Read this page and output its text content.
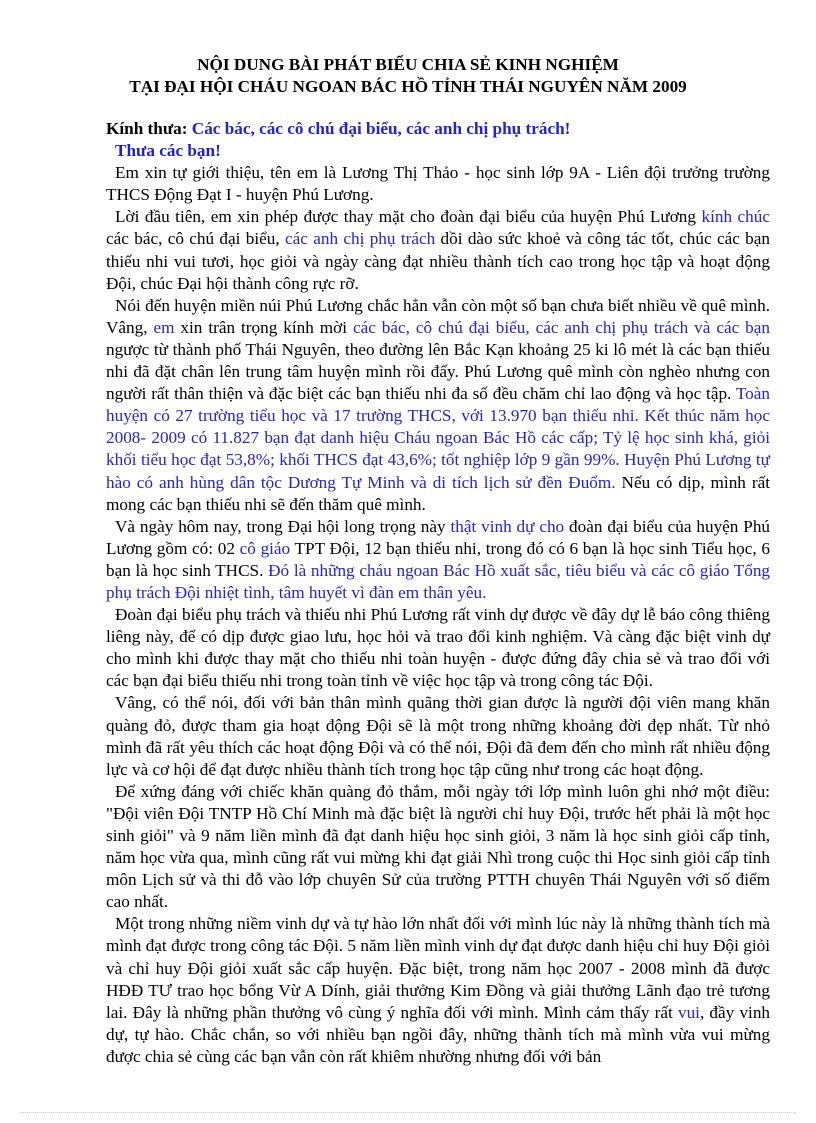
NỘI DUNG BÀI PHÁT BIỂU CHIA SẺ KINH NGHIỆM
TẠI ĐẠI HỘI CHÁU NGOAN BÁC HỒ TỈNH THÁI NGUYÊN NĂM 2009

Kính thưa: Các bác, các cô chú đại biểu, các anh chị phụ trách!

Thưa các bạn!

Em xin tự giới thiệu, tên em là Lương Thị Thảo - học sinh lớp 9A - Liên đội trưởng trường THCS Động Đạt I - huyện Phú Lương.

Lời đầu tiên, em xin phép được thay mặt cho đoàn đại biểu của huyện Phú Lương kính chúc các bác, cô chú đại biểu, các anh chị phụ trách dồi dào sức khoẻ và công tác tốt, chúc các bạn thiếu nhi vui tươi, học giỏi và ngày càng đạt nhiều thành tích cao trong học tập và hoạt động Đội, chúc Đại hội thành công rực rỡ.

Nói đến huyện miền núi Phú Lương chắc hẳn vẫn còn một số bạn chưa biết nhiều về quê mình. Vâng, em xin trân trọng kính mời các bác, cô chú đại biểu, các anh chị phụ trách và các bạn ngược từ thành phố Thái Nguyên, theo đường lên Bắc Kạn khoảng 25 ki lô mét là các bạn thiếu nhi đã đặt chân lên trung tâm huyện mình rồi đấy. Phú Lương quê mình còn nghèo nhưng con người rất thân thiện và đặc biệt các bạn thiếu nhi đa số đều chăm chỉ lao động và học tập. Toàn huyện có 27 trường tiểu học và 17 trường THCS, với 13.970 bạn thiếu nhi. Kết thúc năm học 2008- 2009 có 11.827 bạn đạt danh hiệu Cháu ngoan Bác Hồ các cấp; Tỷ lệ học sinh khá, giỏi khối tiểu học đạt 53,8%; khối THCS đạt 43,6%; tốt nghiệp lớp 9 gần 99%. Huyện Phú Lương tự hào có anh hùng dân tộc Dương Tự Minh và di tích lịch sử đền Đuổm. Nếu có dịp, mình rất mong các bạn thiếu nhi sẽ đến thăm quê mình.

Và ngày hôm nay, trong Đại hội long trọng này thật vinh dự cho đoàn đại biểu của huyện Phú Lương gồm có: 02 cô giáo TPT Đội, 12 bạn thiếu nhi, trong đó có 6 bạn là học sinh Tiểu học, 6 bạn là học sinh THCS. Đó là những cháu ngoan Bác Hồ xuất sắc, tiêu biểu và các cô giáo Tổng phụ trách Đội nhiệt tình, tâm huyết vì đàn em thân yêu.

Đoàn đại biểu phụ trách và thiếu nhi Phú Lương rất vinh dự được về đây dự lễ báo công thiêng liêng này, để có dịp được giao lưu, học hỏi và trao đổi kinh nghiệm. Và càng đặc biệt vinh dự cho mình khi được thay mặt cho thiếu nhi toàn huyện - được đứng đây chia sẻ và trao đổi với các bạn đại biểu thiếu nhi trong toàn tỉnh về việc học tập và trong công tác Đội.

Vâng, có thể nói, đối với bản thân mình quãng thời gian được là người đội viên mang khăn quàng đỏ, được tham gia hoạt động Đội sẽ là một trong những khoảng đời đẹp nhất. Từ nhỏ mình đã rất yêu thích các hoạt động Đội và có thể nói, Đội đã đem đến cho mình rất nhiều động lực và cơ hội để đạt được nhiều thành tích trong học tập cũng như trong các hoạt động.

Để xứng đáng với chiếc khăn quàng đỏ thắm, mỗi ngày tới lớp mình luôn ghi nhớ một điều: "Đội viên Đội TNTP Hồ Chí Minh mà đặc biệt là người chỉ huy Đội, trước hết phải là một học sinh giỏi" và 9 năm liền mình đã đạt danh hiệu học sinh giỏi, 3 năm là học sinh giỏi cấp tỉnh, năm học vừa qua, mình cũng rất vui mừng khi đạt giải Nhì trong cuộc thi Học sinh giỏi cấp tỉnh môn Lịch sử và thi đỗ vào lớp chuyên Sử của trường PTTH chuyên Thái Nguyên với số điểm cao nhất.

Một trong những niềm vinh dự và tự hào lớn nhất đối với mình lúc này là những thành tích mà mình đạt được trong công tác Đội. 5 năm liền mình vinh dự đạt được danh hiệu chỉ huy Đội giỏi và chỉ huy Đội giỏi xuất sắc cấp huyện. Đặc biệt, trong năm học 2007 - 2008 mình đã được HĐĐ TƯ trao học bổng Vừ A Dính, giải thưởng Kim Đồng và giải thưởng Lãnh đạo trẻ tương lai. Đây là những phần thưởng vô cùng ý nghĩa đối với mình. Mình cảm thấy rất vui, đầy vinh dự, tự hào. Chắc chắn, so với nhiều bạn ngồi đây, những thành tích mà mình vừa vui mừng được chia sẻ cùng các bạn vẫn còn rất khiêm nhường nhưng đối với bản
